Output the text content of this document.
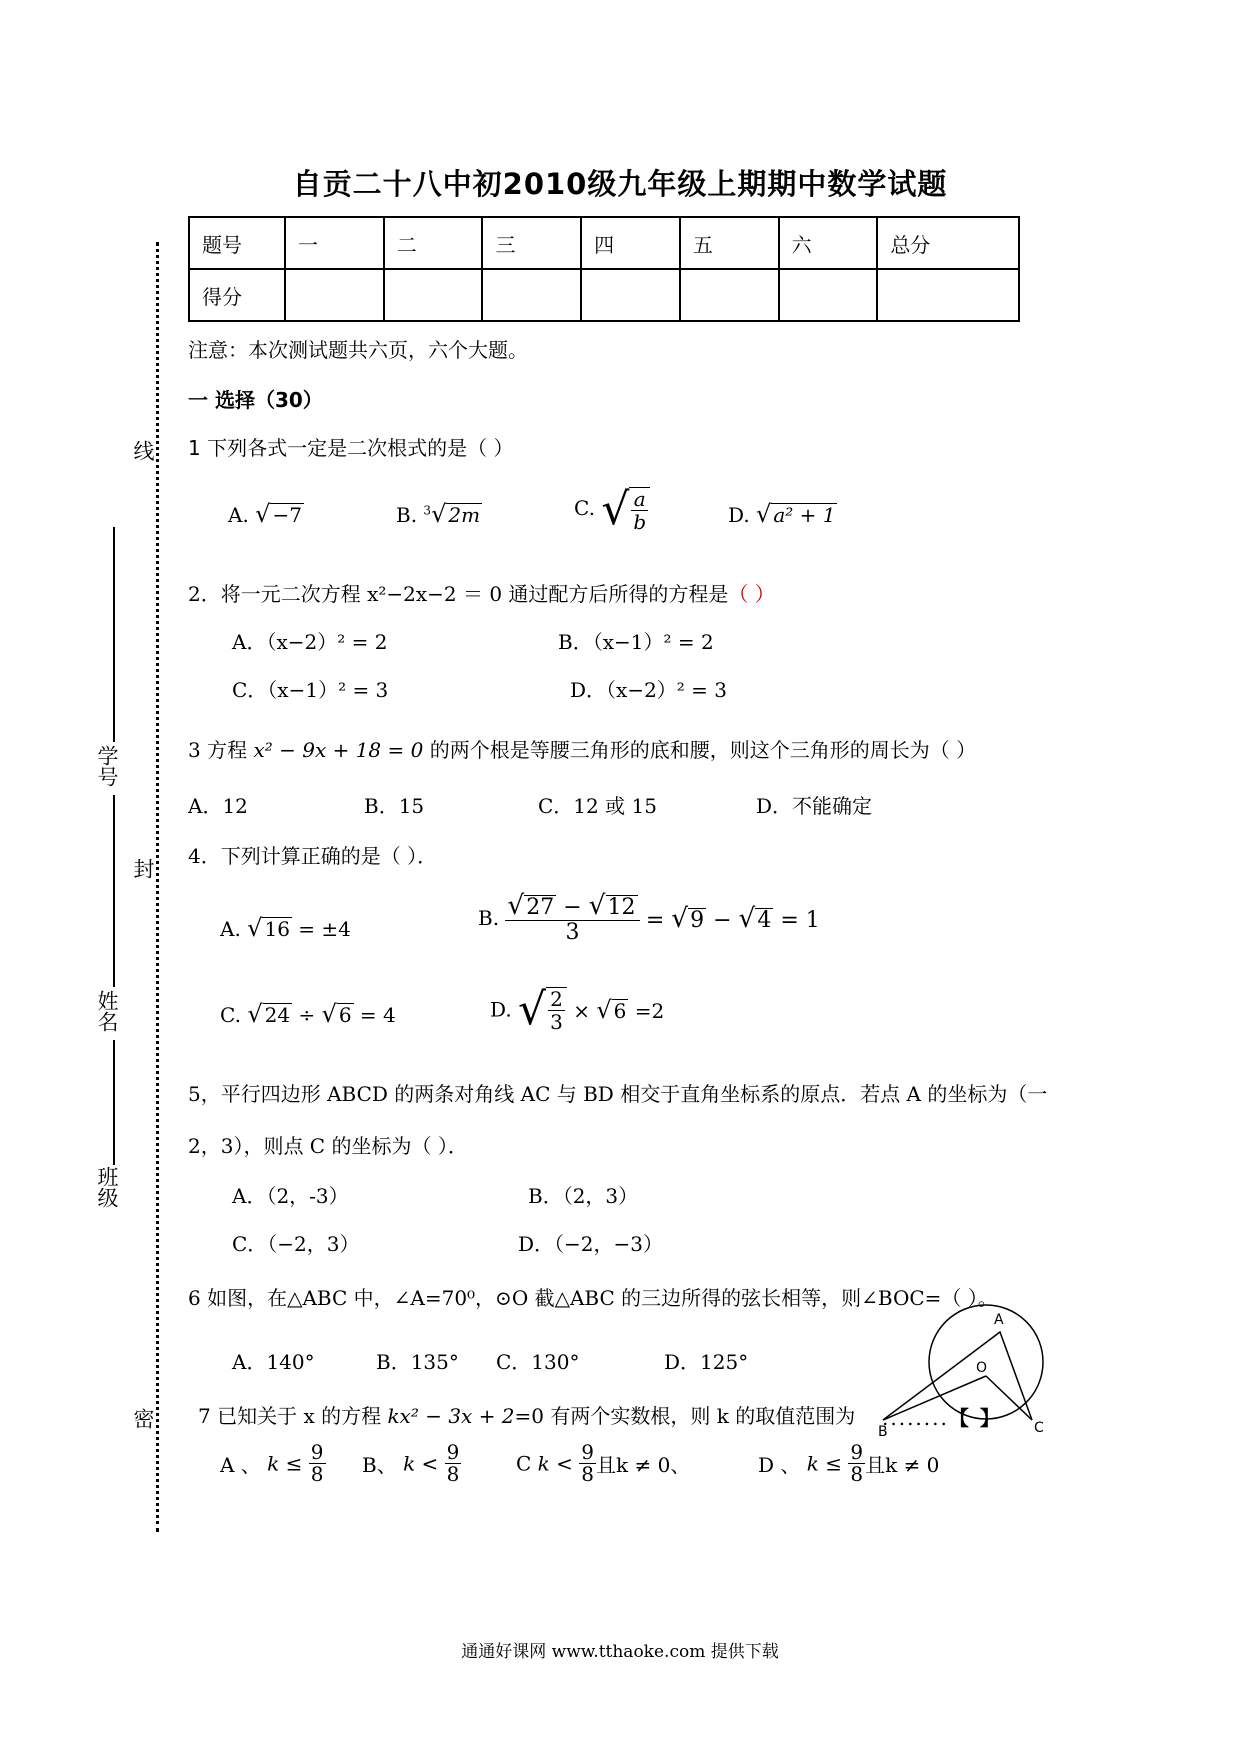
自贡二十八中初2010级九年级上期期中数学试题
题号	一	二	三	四	五	六	总分
得分							
线
封
密
学号
姓名
班级
注意：本次测试题共六页，六个大题。
一 选择（30）
1 下列各式一定是二次根式的是（ ）
A. √ −7	B. $^3$√ 2m	C. √ $\frac{a}{b}$	D. √ a² + 1
2．将一元二次方程 x²−2x−2 ＝ 0 通过配方后所得的方程是（ ）
A．（x−2）² = 2	B．（x−1）² = 2
C．（x−1）² = 3	D．（x−2）² = 3
3 方程 x² − 9x + 18 = 0 的两个根是等腰三角形的底和腰，则这个三角形的周长为（ ）
A．12	B．15	C．12 或 15	D．不能确定
4．下列计算正确的是（ ）．
A. √ 16 = ±4	B. $\frac{√27 - √12}{3} = √9 - √4 = 1$
C. √ 24 ÷ √ 6 = 4	D. √ $\frac{2}{3}$ × √ 6 =2
5，平行四边形 ABCD 的两条对角线 AC 与 BD 相交于直角坐标系的原点．若点 A 的坐标为（一
2，3），则点 C 的坐标为（ ）．
A．（2，-3）	B．（2，3）
C．（−2，3）	D．（−2，−3）
6 如图，在△ABC 中，∠A=70⁰，⊙O 截△ABC 的三边所得的弦长相等，则∠BOC=（ ）。
A．140°	B．135° C．130°	D．125°
A
O
B	C
7 已知关于 x 的方程 kx² − 3x + 2=0 有两个实数根，则 k 的取值范围为 ........【 】
A 、 $k \le \frac{9}{8}$ B、 $k < \frac{9}{8}$	C $k < \frac{9}{8}$ 且k ≠ 0、	D 、 $k \le \frac{9}{8}$ 且k ≠ 0
通通好课网 www.tthaoke.com 提供下载
